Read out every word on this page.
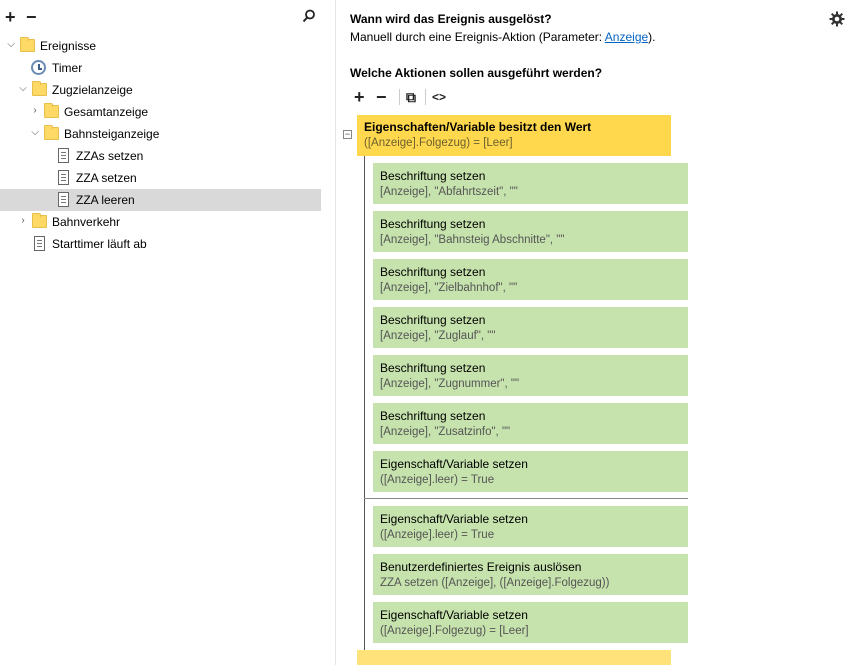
+ −
⌵ Ereignisse
Timer
⌵ Zugzielanzeige
› Gesamtanzeige
⌵ Bahnsteiganzeige
ZZAs setzen
ZZA setzen
ZZA leeren
› Bahnverkehr
Starttimer läuft ab
Wann wird das Ereignis ausgelöst?
Manuell durch eine Ereignis-Aktion (Parameter: Anzeige).
Welche Aktionen sollen ausgeführt werden?
+ − ⧉ <>
− Eigenschaften/Variable besitzt den Wert
([Anzeige].Folgezug) = [Leer]
Beschriftung setzen
[Anzeige], "Abfahrtszeit", ""
Beschriftung setzen
[Anzeige], "Bahnsteig Abschnitte", ""
Beschriftung setzen
[Anzeige], "Zielbahnhof", ""
Beschriftung setzen
[Anzeige], "Zuglauf", ""
Beschriftung setzen
[Anzeige], "Zugnummer", ""
Beschriftung setzen
[Anzeige], "Zusatzinfo", ""
Eigenschaft/Variable setzen
([Anzeige].leer) = True
Eigenschaft/Variable setzen
([Anzeige].leer) = True
Benutzerdefiniertes Ereignis auslösen
ZZA setzen ([Anzeige], ([Anzeige].Folgezug))
Eigenschaft/Variable setzen
([Anzeige].Folgezug) = [Leer]
